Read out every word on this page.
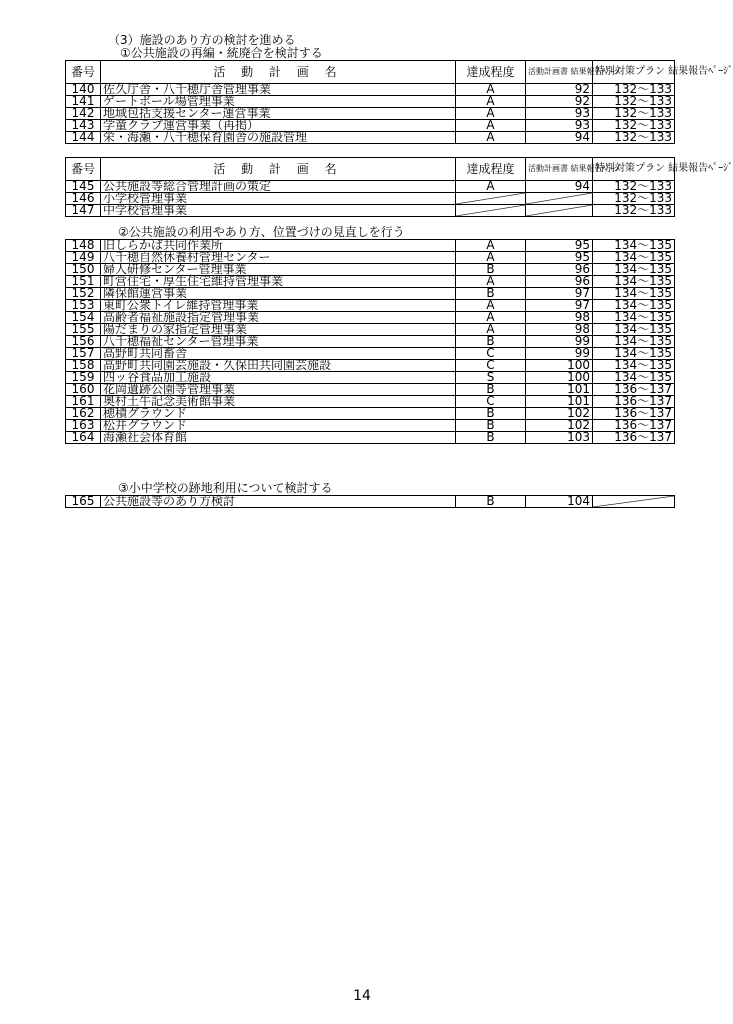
（3）施設のあり方の検討を進める
①公共施設の再編・統廃合を検討する
番号	活 動 計 画 名	達成程度	活動計画書 結果報告ﾍﾟｰｼﾞ	特別対策プラン 結果報告ﾍﾟｰｼﾞ
140	佐久庁舎・八千穂庁舎管理事業	A	92	132～133
141	ゲートボール場管理事業	A	92	132～133
142	地域包括支援センター運営事業	A	93	132～133
143	学童クラブ運営事業（再掲）	A	93	132～133
144	栄・海瀬・八千穂保育園舎の施設管理	A	94	132～133
番号	活 動 計 画 名	達成程度	活動計画書 結果報告ﾍﾟｰｼﾞ	特別対策プラン 結果報告ﾍﾟｰｼﾞ
145	公共施設等総合管理計画の策定	A	94	132～133
146	小学校管理事業			132～133
147	中学校管理事業			132～133
②公共施設の利用やあり方、位置づけの見直しを行う
148	旧しらかば共同作業所	A	95	134～135
149	八千穂自然休養村管理センター	A	95	134～135
150	婦人研修センター管理事業	B	96	134～135
151	町営住宅・厚生住宅維持管理事業	A	96	134～135
152	隣保館運営事業	B	97	134～135
153	東町公衆トイレ維持管理事業	A	97	134～135
154	高齢者福祉施設指定管理事業	A	98	134～135
155	陽だまりの家指定管理事業	A	98	134～135
156	八千穂福祉センター管理事業	B	99	134～135
157	高野町共同畜舎	C	99	134～135
158	高野町共同園芸施設・久保田共同園芸施設	C	100	134～135
159	四ッ谷食品加工施設	S	100	134～135
160	花岡遺跡公園等管理事業	B	101	136～137
161	奥村土牛記念美術館事業	C	101	136～137
162	穂積グラウンド	B	102	136～137
163	松井グラウンド	B	102	136～137
164	海瀬社会体育館	B	103	136～137
③小中学校の跡地利用について検討する
165	公共施設等のあり方検討	B	104	
14
